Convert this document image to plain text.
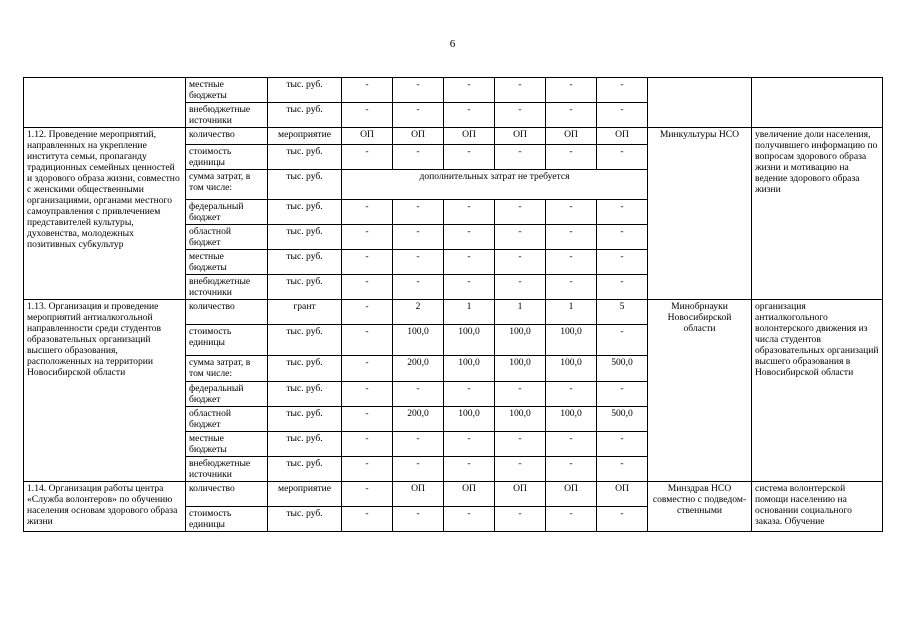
6
	местные бюджеты	тыс. руб.	-	-	-	-	-	-		
	внебюджетные источники	тыс. руб.	-	-	-	-	-	-		
1.12. Проведение мероприятий, направленных на укрепление института семьи, пропаганду традиционных семейных ценностей и здорового образа жизни, совместно с женскими общественными организациями, органами местного самоуправления с привлечением представителей культуры, духовенства, молодежных позитивных субкультур	количество	мероприятие	ОП	ОП	ОП	ОП	ОП	ОП	Минкультуры НСО	увеличение доли населения, получившего информацию по вопросам здорового образа жизни и мотивацию на ведение здорового образа жизни
	стоимость единицы	тыс. руб.	-	-	-	-	-	-		
	сумма затрат, в том числе:	тыс. руб.	дополнительных затрат не требуется							
	федеральный бюджет	тыс. руб.	-	-	-	-	-	-		
	областной бюджет	тыс. руб.	-	-	-	-	-	-		
	местные бюджеты	тыс. руб.	-	-	-	-	-	-		
	внебюджетные источники	тыс. руб.	-	-	-	-	-	-		
1.13. Организация и проведение мероприятий антиалкогольной направленности среди студентов образовательных организаций высшего образования, расположенных на территории Новосибирской области	количество	грант	-	2	1	1	1	5	Минобрнауки Новосибирской области	организация антиалкогольного волонтерского движения из числа студентов образовательных организаций высшего образования в Новосибирской области
	стоимость единицы	тыс. руб.	-	100,0	100,0	100,0	100,0	-		
	сумма затрат, в том числе:	тыс. руб.	-	200,0	100,0	100,0	100,0	500,0		
	федеральный бюджет	тыс. руб.	-	-	-	-	-	-		
	областной бюджет	тыс. руб.	-	200,0	100,0	100,0	100,0	500,0		
	местные бюджеты	тыс. руб.	-	-	-	-	-	-		
	внебюджетные источники	тыс. руб.	-	-	-	-	-	-		
1.14. Организация работы центра «Служба волонтеров» по обучению населения основам здорового образа жизни	количество	мероприятие	-	ОП	ОП	ОП	ОП	ОП	Минздрав НСО совместно с подведом-ственными	система волонтерской помощи населению на основании социального заказа. Обучение
	стоимость единицы	тыс. руб.	-	-	-	-	-	-		
